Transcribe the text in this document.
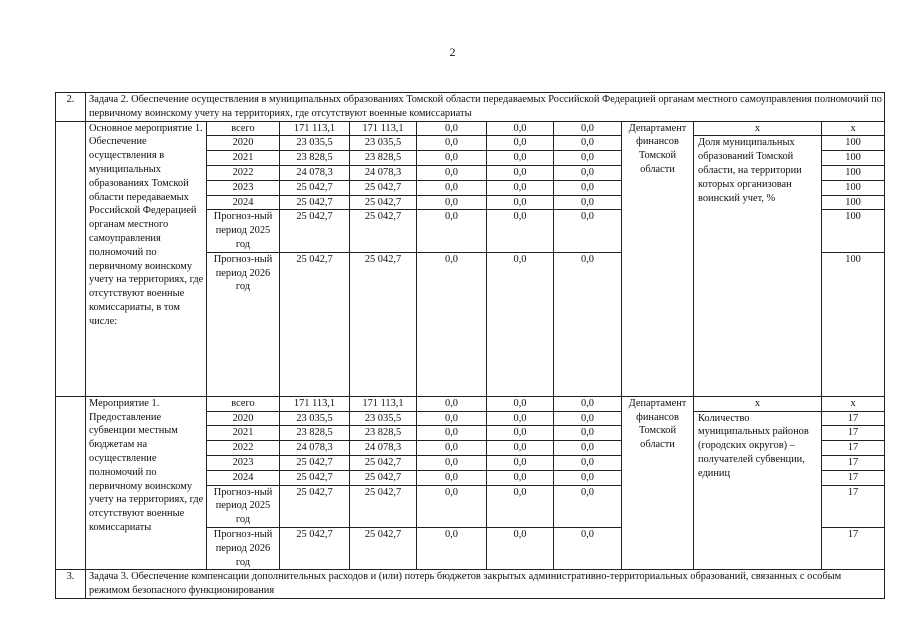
2
2.	Задача 2. Обеспечение осуществления в муниципальных образованиях Томской области передаваемых Российской Федерацией органам местного самоуправления полномочий по первичному воинскому учету на территориях, где отсутствуют военные комиссариаты									
	Основное мероприятие 1. Обеспечение осуществления в муниципальных образованиях Томской области передаваемых Российской Федерацией органам местного самоуправления полномочий по первичному воинскому учету на территориях, где отсутствуют военные комиссариаты, в том числе:	всего	171 113,1	171 113,1	0,0	0,0	0,0	Департамент финансов Томской области	x	x
		2020	23 035,5	23 035,5	0,0	0,0	0,0		Доля муниципальных образований Томской области, на территории которых организован воинский учет, %	100
		2021	23 828,5	23 828,5	0,0	0,0	0,0			100
		2022	24 078,3	24 078,3	0,0	0,0	0,0			100
		2023	25 042,7	25 042,7	0,0	0,0	0,0			100
		2024	25 042,7	25 042,7	0,0	0,0	0,0			100
		Прогноз-ный период 2025 год	25 042,7	25 042,7	0,0	0,0	0,0			100
		Прогноз-ный период 2026 год	25 042,7	25 042,7	0,0	0,0	0,0			100
	Мероприятие 1. Предоставление субвенции местным бюджетам на осуществление полномочий по первичному воинскому учету на территориях, где отсутствуют военные комиссариаты	всего	171 113,1	171 113,1	0,0	0,0	0,0	Департамент финансов Томской области	x	x
		2020	23 035,5	23 035,5	0,0	0,0	0,0		Количество муниципальных районов (городских округов) – получателей субвенции, единиц	17
		2021	23 828,5	23 828,5	0,0	0,0	0,0			17
		2022	24 078,3	24 078,3	0,0	0,0	0,0			17
		2023	25 042,7	25 042,7	0,0	0,0	0,0			17
		2024	25 042,7	25 042,7	0,0	0,0	0,0			17
		Прогноз-ный период 2025 год	25 042,7	25 042,7	0,0	0,0	0,0			17
		Прогноз-ный период 2026 год	25 042,7	25 042,7	0,0	0,0	0,0			17
3.	Задача 3. Обеспечение компенсации дополнительных расходов и (или) потерь бюджетов закрытых административно-территориальных образований, связанных с особым режимом безопасного функционирования									
